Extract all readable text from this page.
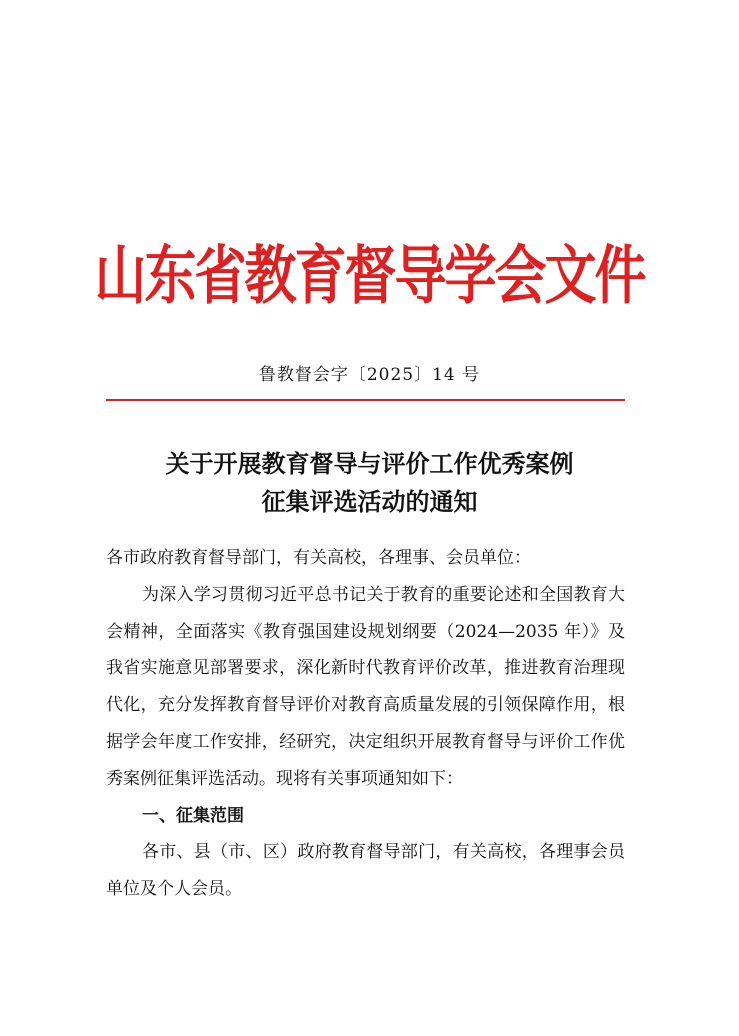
山东省教育督导学会文件
鲁教督会字〔2025〕14 号
关于开展教育督导与评价工作优秀案例
征集评选活动的通知

各市政府教育督导部门，有关高校，各理事、会员单位：

为深入学习贯彻习近平总书记关于教育的重要论述和全国教育大会精神，全面落实《教育强国建设规划纲要（2024—2035 年）》及我省实施意见部署要求，深化新时代教育评价改革，推进教育治理现代化，充分发挥教育督导评价对教育高质量发展的引领保障作用，根据学会年度工作安排，经研究，决定组织开展教育督导与评价工作优秀案例征集评选活动。现将有关事项通知如下：

一、征集范围

各市、县（市、区）政府教育督导部门，有关高校，各理事会员单位及个人会员。
